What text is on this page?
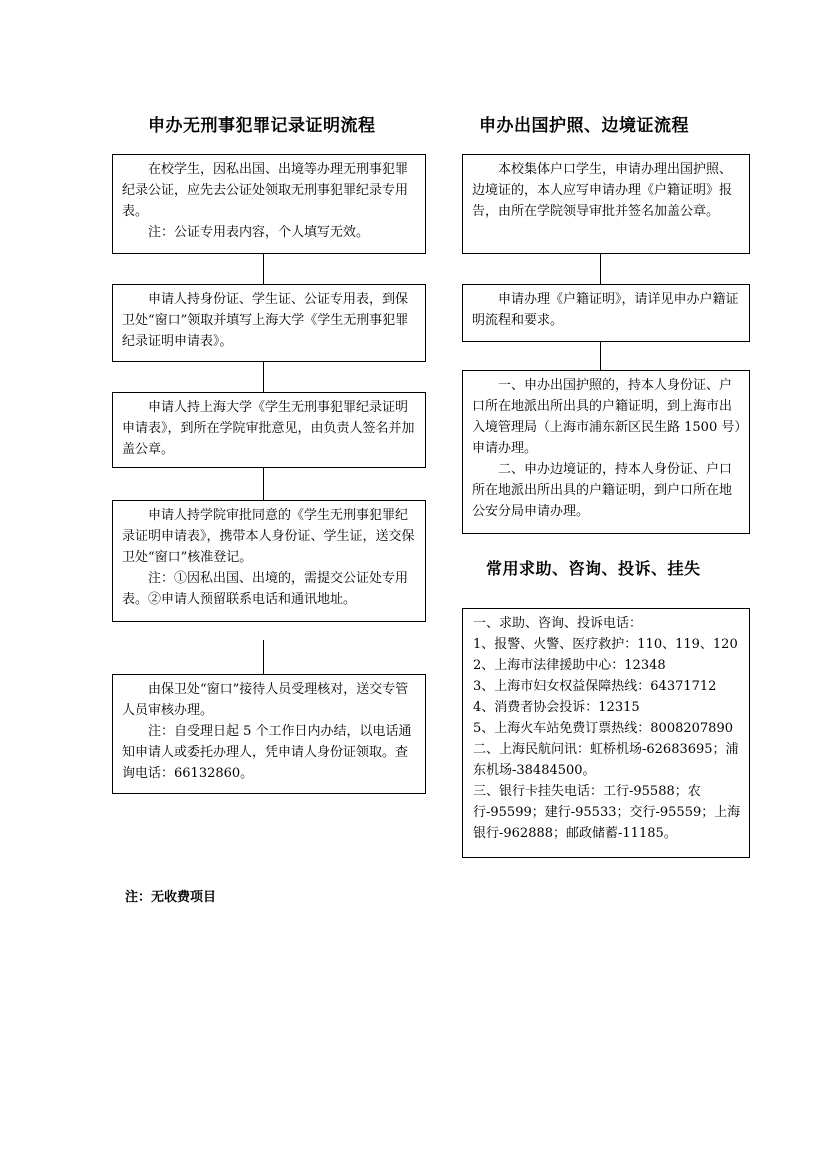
申办无刑事犯罪记录证明流程

在校学生，因私出国、出境等办理无刑事犯罪纪录公证，应先去公证处领取无刑事犯罪纪录专用表。

注：公证专用表内容，个人填写无效。

申请人持身份证、学生证、公证专用表，到保卫处“窗口”领取并填写上海大学《学生无刑事犯罪纪录证明申请表》。

申请人持上海大学《学生无刑事犯罪纪录证明申请表》，到所在学院审批意见，由负责人签名并加盖公章。

申请人持学院审批同意的《学生无刑事犯罪纪录证明申请表》，携带本人身份证、学生证，送交保卫处“窗口”核准登记。

注：①因私出国、出境的，需提交公证处专用表。②申请人预留联系电话和通讯地址。

由保卫处“窗口”接待人员受理核对，送交专管人员审核办理。

注：自受理日起 5 个工作日内办结，以电话通知申请人或委托办理人，凭申请人身份证领取。查询电话：66132860。

申办出国护照、边境证流程

本校集体户口学生，申请办理出国护照、边境证的，本人应写申请办理《户籍证明》报告，由所在学院领导审批并签名加盖公章。

申请办理《户籍证明》，请详见申办户籍证明流程和要求。

一、申办出国护照的，持本人身份证、户口所在地派出所出具的户籍证明，到上海市出入境管理局（上海市浦东新区民生路 1500 号）申请办理。

二、申办边境证的，持本人身份证、户口所在地派出所出具的户籍证明，到户口所在地公安分局申请办理。

常用求助、咨询、投诉、挂失

一、求助、咨询、投诉电话：

1、报警、火警、医疗救护：110、119、120

2、上海市法律援助中心：12348

3、上海市妇女权益保障热线：64371712

4、消费者协会投诉：12315

5、上海火车站免费订票热线：8008207890

二、上海民航问讯：虹桥机场-62683695；浦东机场-38484500。

三、银行卡挂失电话：工行-95588；农行-95599；建行-95533；交行-95559；上海银行-962888；邮政储蓄-11185。

注：无收费项目
